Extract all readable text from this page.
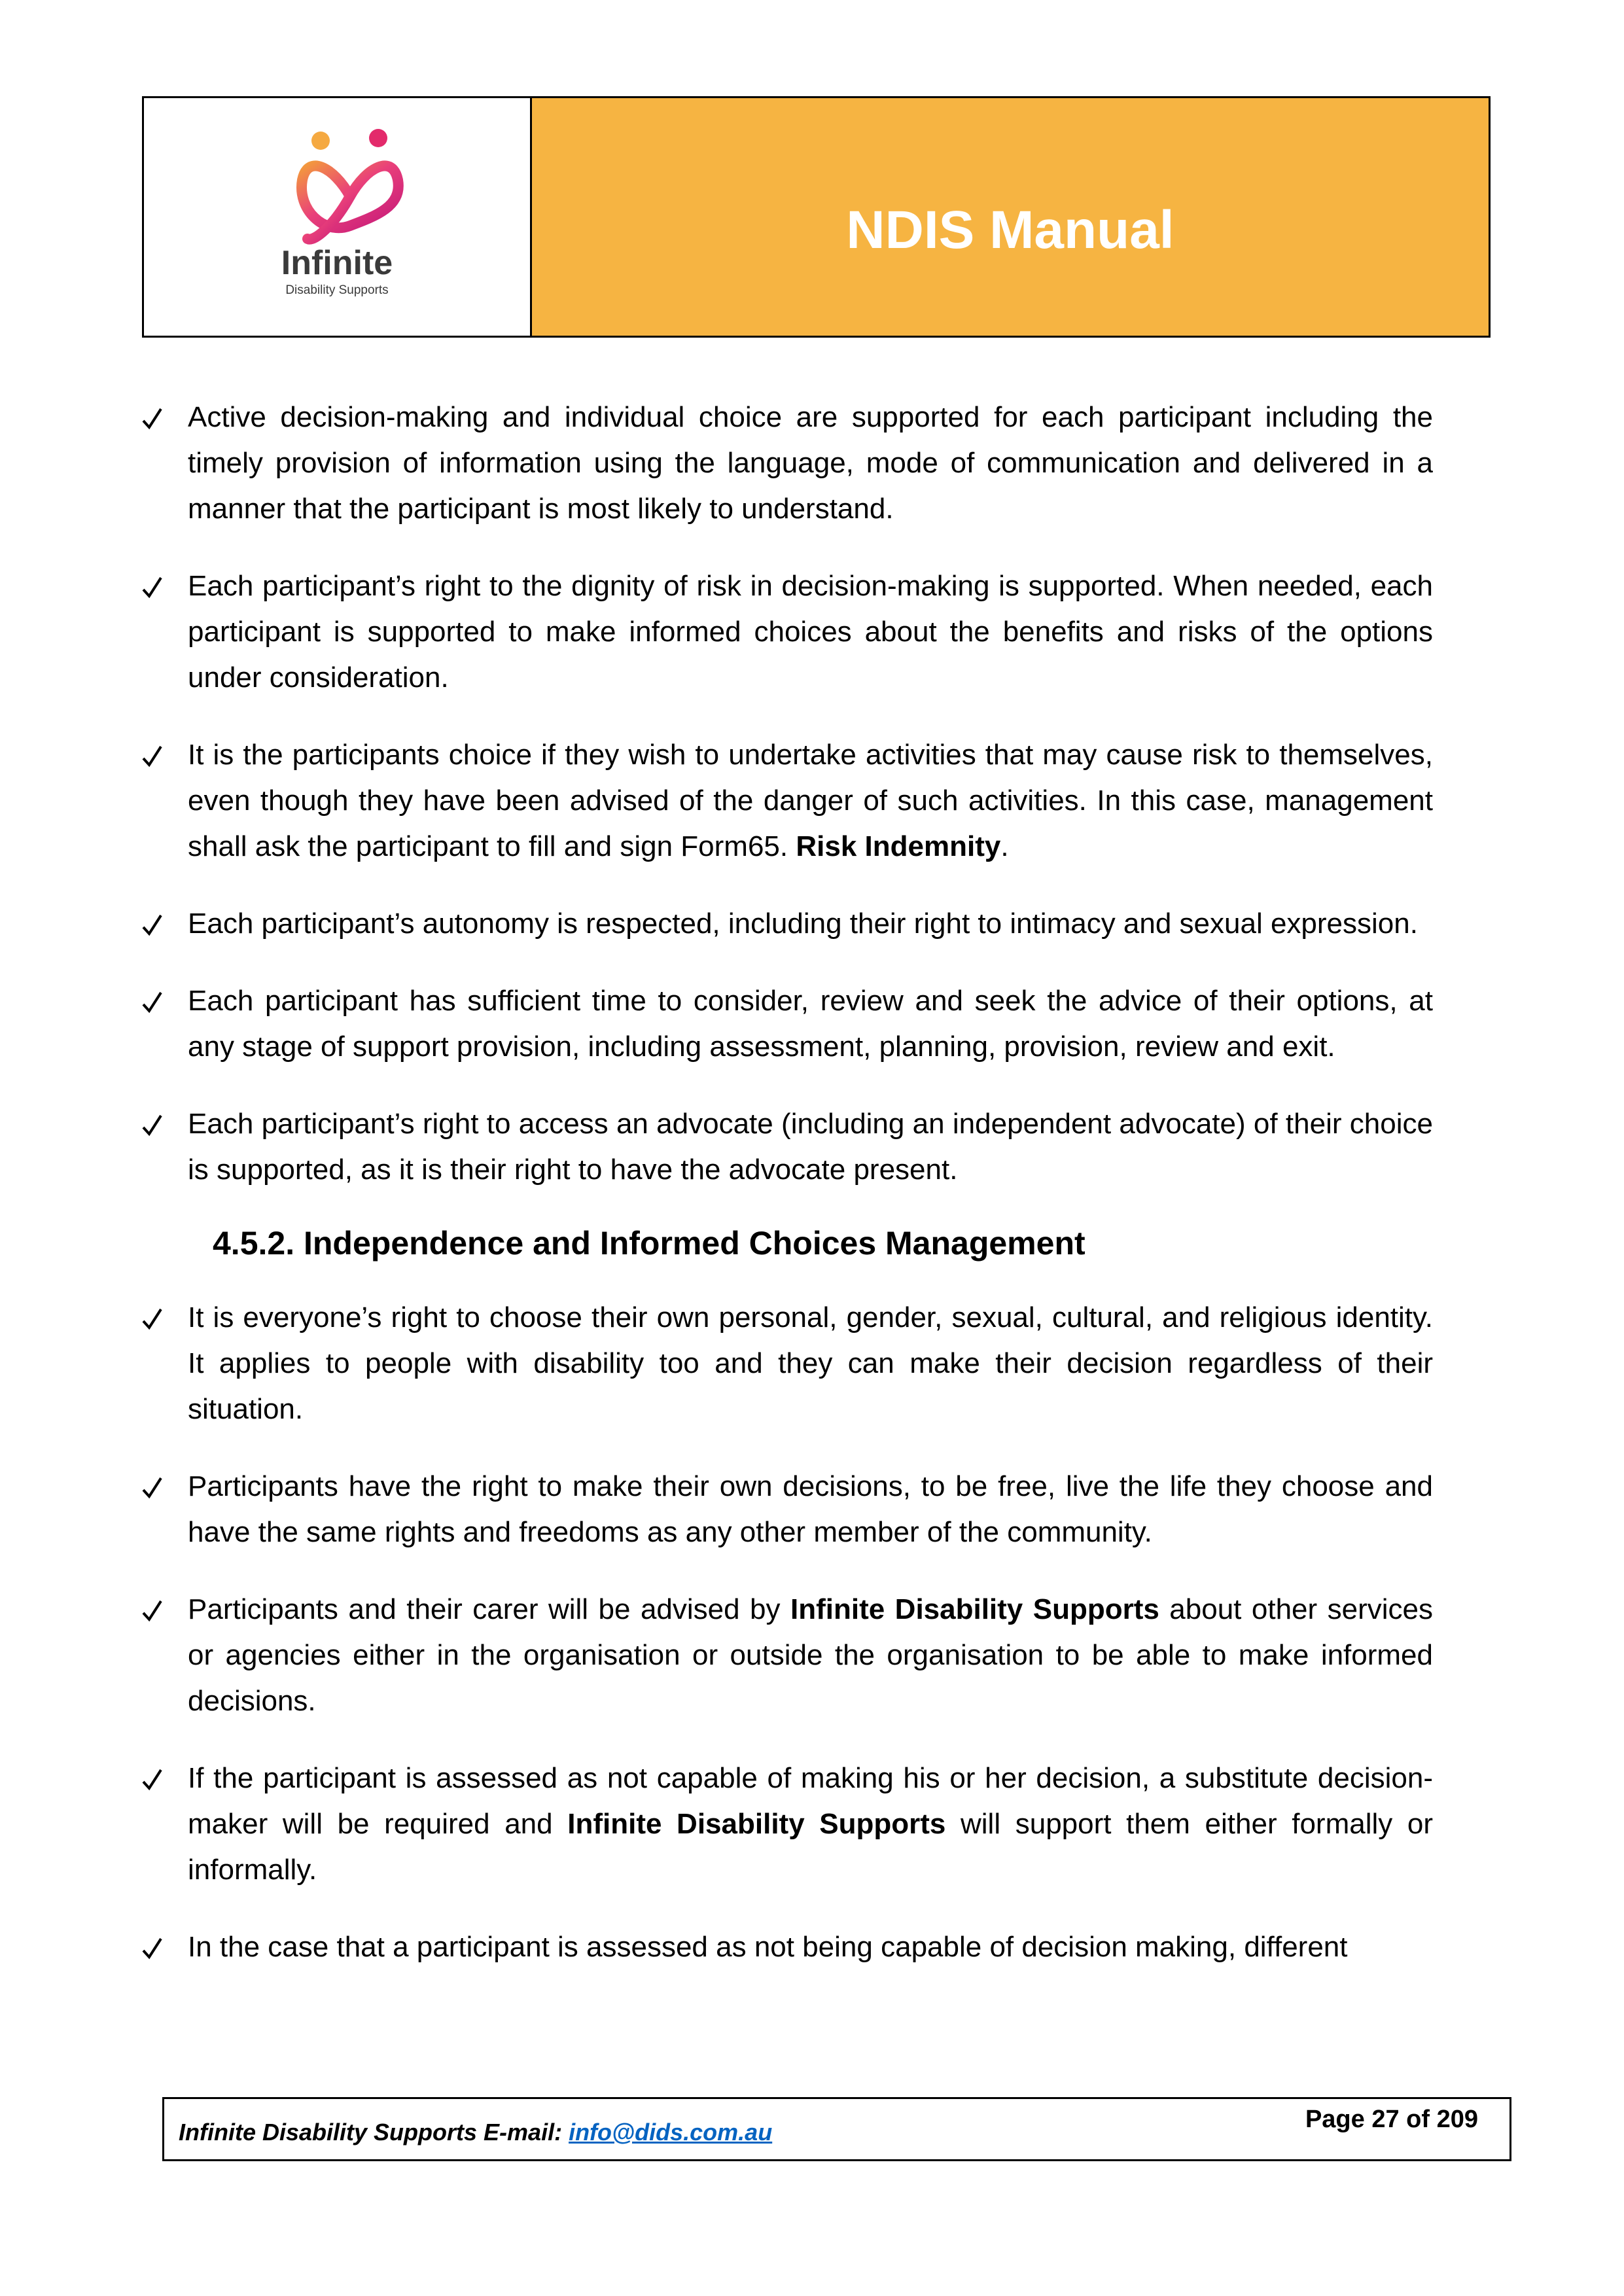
Infinite
Disability Supports
NDIS Manual
Active decision-making and individual choice are supported for each participant including the timely provision of information using the language, mode of communication and delivered in a manner that the participant is most likely to understand.
Each participant’s right to the dignity of risk in decision-making is supported. When needed, each participant is supported to make informed choices about the benefits and risks of the options under consideration.
It is the participants choice if they wish to undertake activities that may cause risk to themselves, even though they have been advised of the danger of such activities. In this case, management shall ask the participant to fill and sign Form65. Risk Indemnity.
Each participant’s autonomy is respected, including their right to intimacy and sexual expression.
Each participant has sufficient time to consider, review and seek the advice of their options, at any stage of support provision, including assessment, planning, provision, review and exit.
Each participant’s right to access an advocate (including an independent advocate) of their choice is supported, as it is their right to have the advocate present.
4.5.2. Independence and Informed Choices Management
It is everyone’s right to choose their own personal, gender, sexual, cultural, and religious identity. It applies to people with disability too and they can make their decision regardless of their situation.
Participants have the right to make their own decisions, to be free, live the life they choose and have the same rights and freedoms as any other member of the community.
Participants and their carer will be advised by Infinite Disability Supports about other services or agencies either in the organisation or outside the organisation to be able to make informed decisions.
If the participant is assessed as not capable of making his or her decision, a substitute decision-maker will be required and Infinite Disability Supports will support them either formally or informally.
In the case that a participant is assessed as not being capable of decision making, different
Infinite Disability Supports E-mail: info@dids.com.au	Page 27 of 209
